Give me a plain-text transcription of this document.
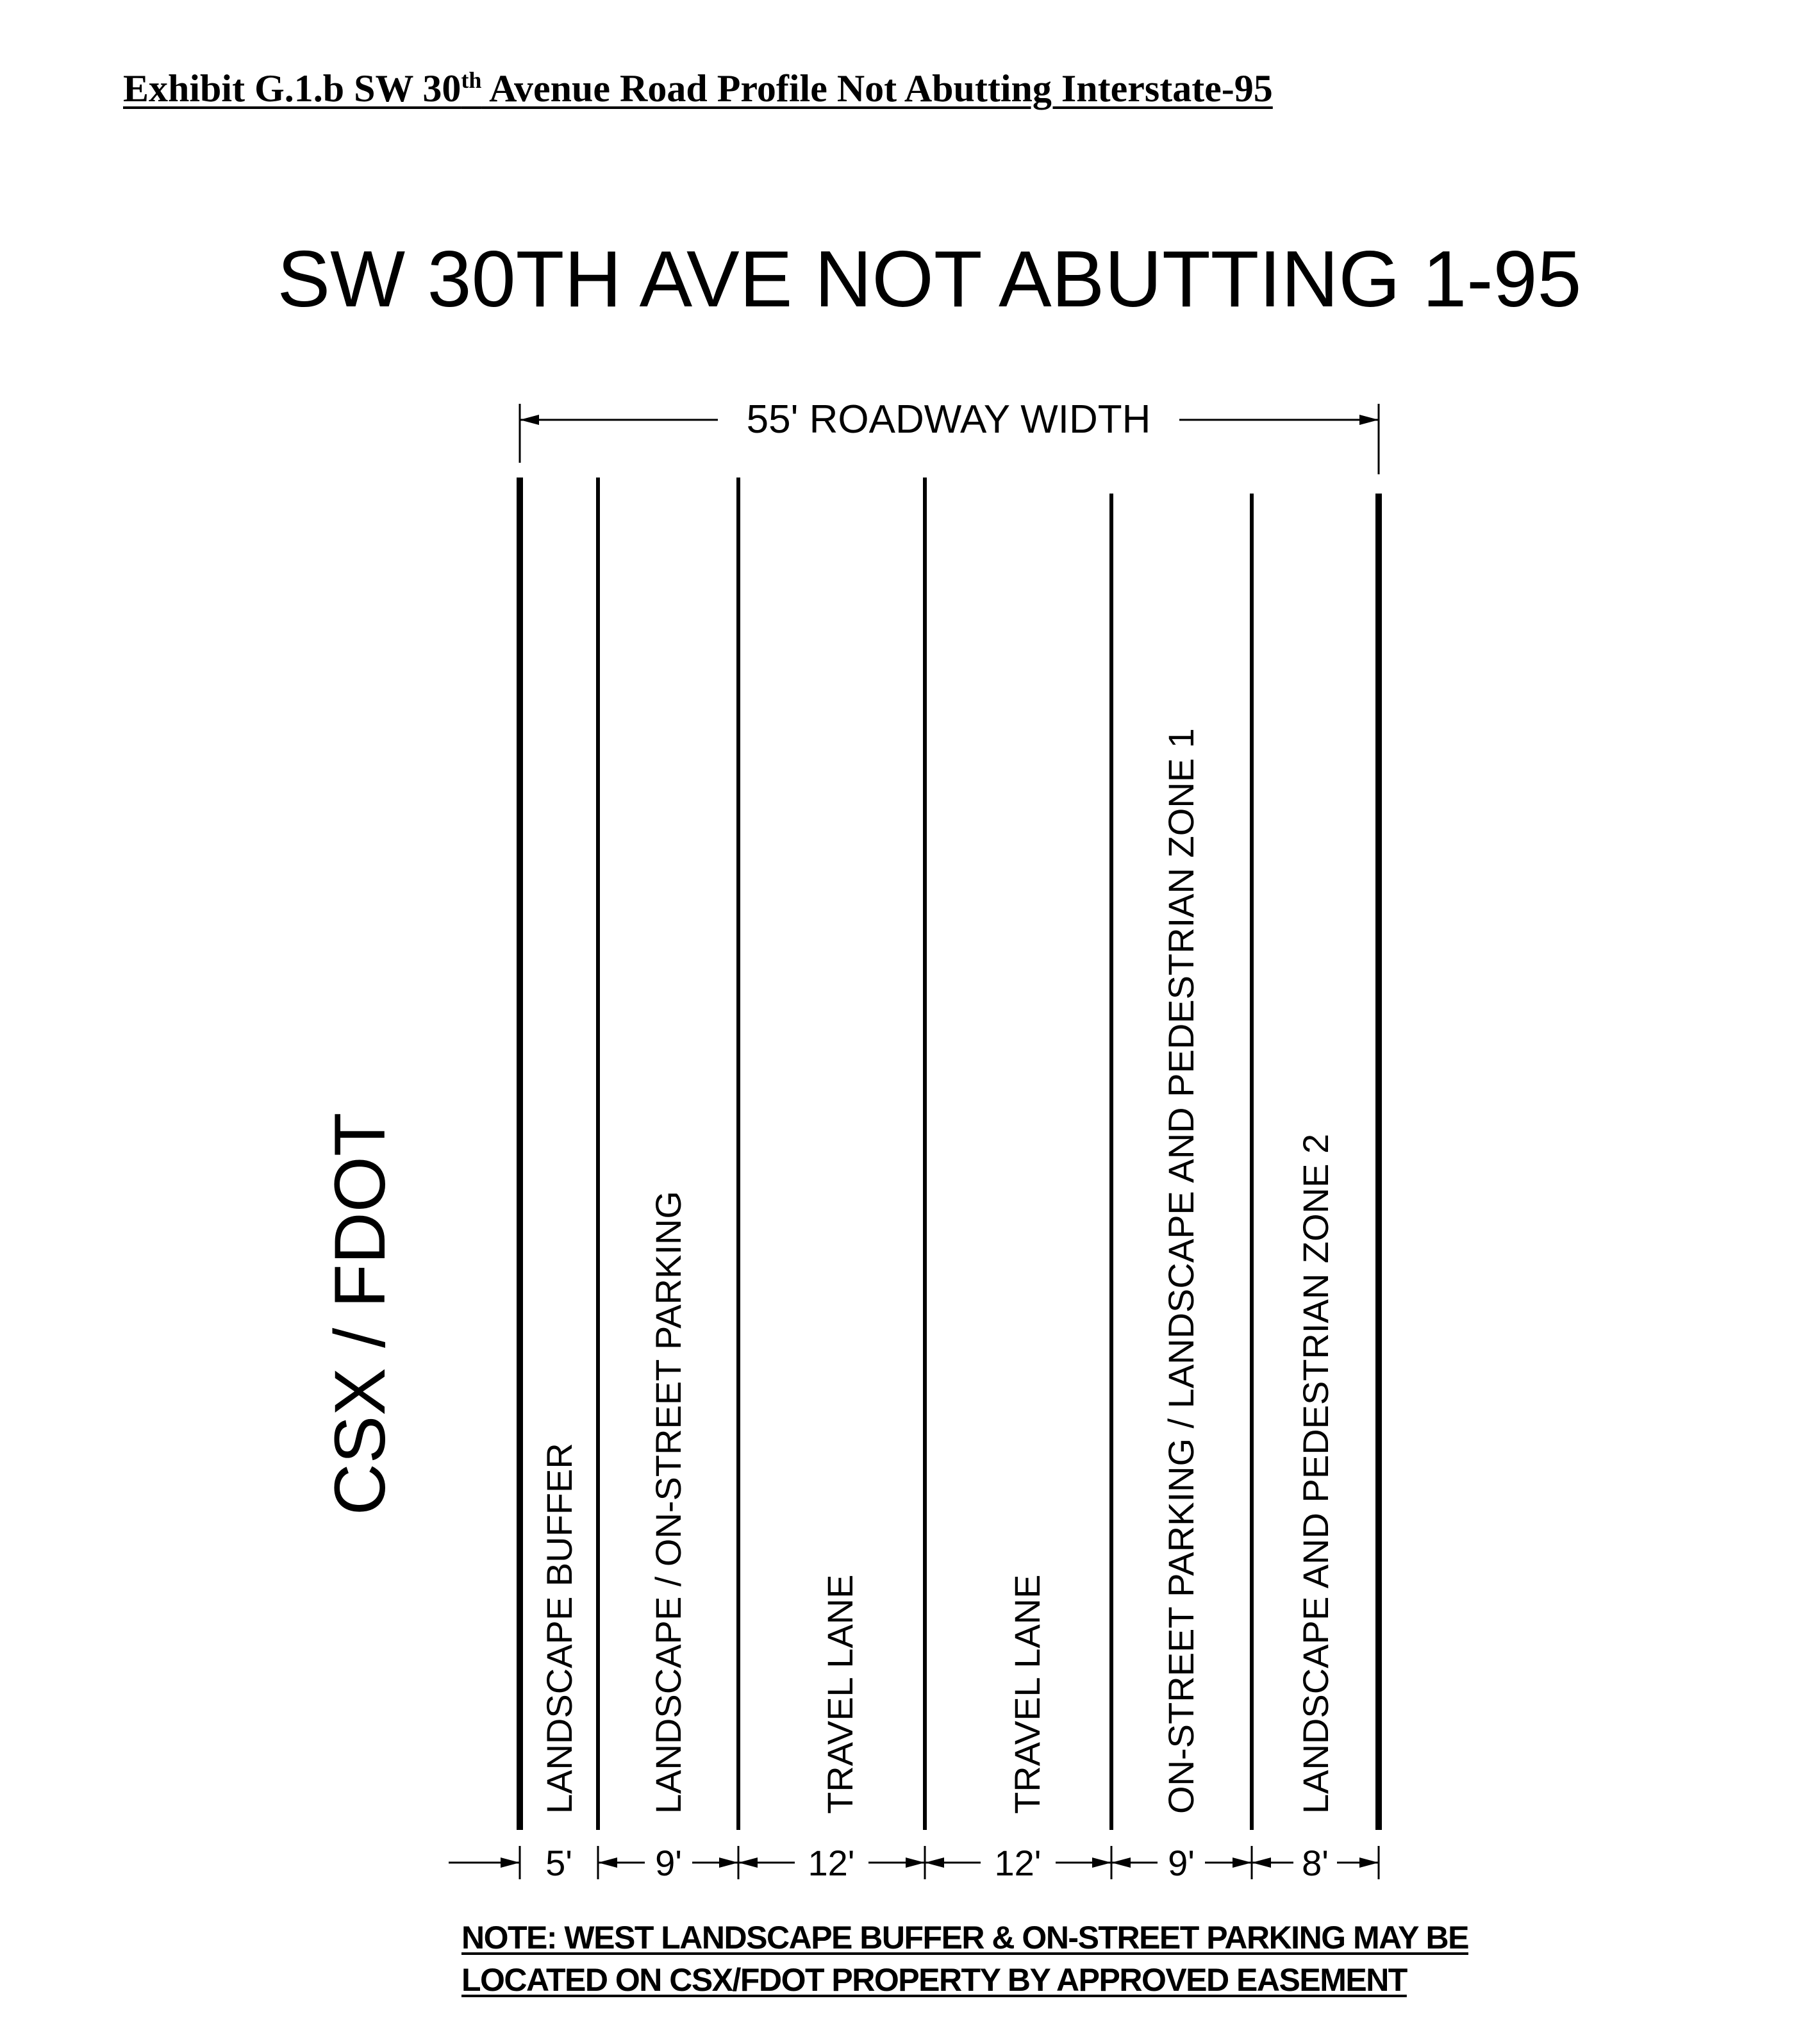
Exhibit G.1.b SW 30th Avenue Road Profile Not Abutting Interstate-95
SW 30TH AVE NOT ABUTTING 1-95
55' ROADWAY WIDTH
CSX / FDOT
LANDSCAPE BUFFER LANDSCAPE / ON-STREET PARKING	TRAVEL LANE	TRAVEL LANE	ON-STREET PARKING / LANDSCAPE AND PEDESTRIAN ZONE 1	LANDSCAPE AND PEDESTRIAN ZONE 2
5' 9'	12'	12'	9'	8'
NOTE: WEST LANDSCAPE BUFFER & ON-STREET PARKING MAY BE
LOCATED ON CSX/FDOT PROPERTY BY APPROVED EASEMENT
